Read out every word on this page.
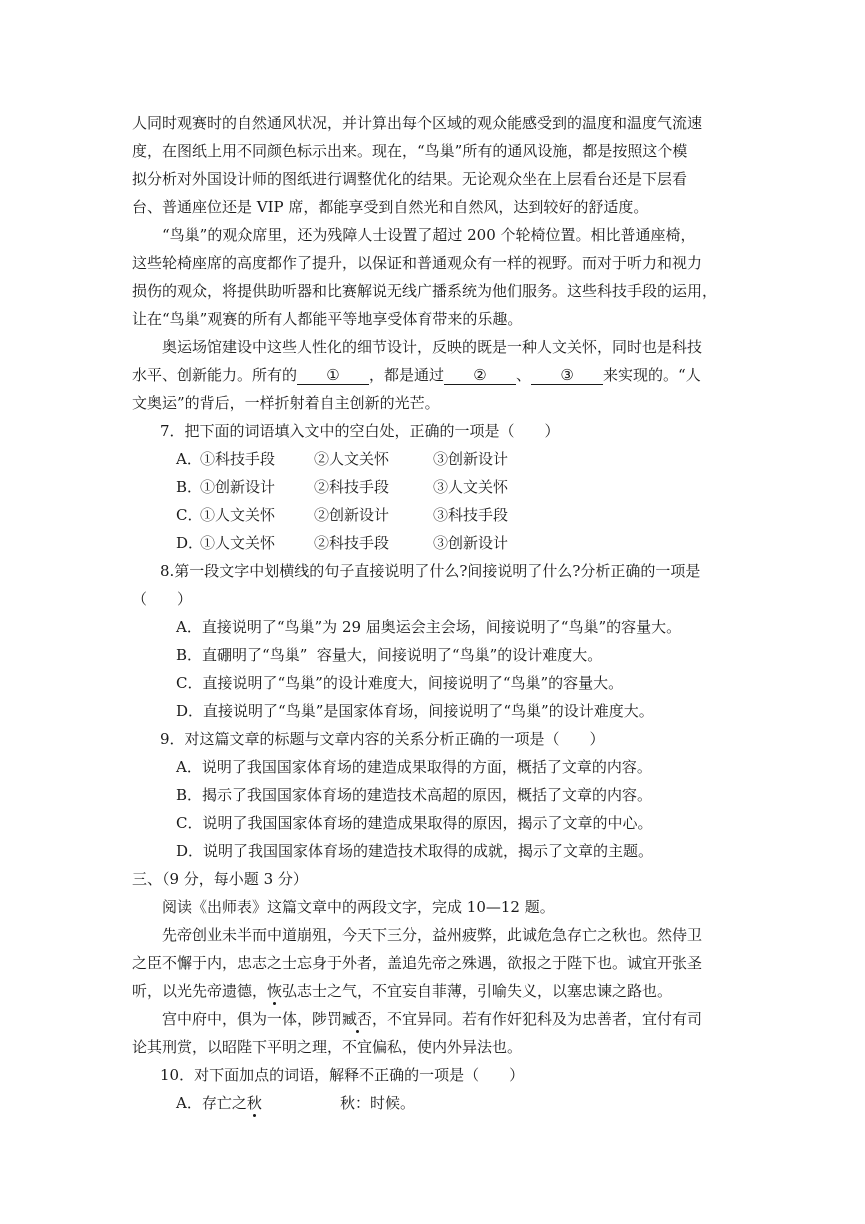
人同时观赛时的自然通风状况，并计算出每个区域的观众能感受到的温度和温度气流速
度，在图纸上用不同颜色标示出来。现在，“鸟巢”所有的通风设施，都是按照这个模
拟分析对外国设计师的图纸进行调整优化的结果。无论观众坐在上层看台还是下层看
台、普通座位还是 VIP 席，都能享受到自然光和自然风，达到较好的舒适度。
“鸟巢”的观众席里，还为残障人士设置了超过 200 个轮椅位置。相比普通座椅，
这些轮椅座席的高度都作了提升，以保证和普通观众有一样的视野。而对于听力和视力
损伤的观众，将提供助听器和比赛解说无线广播系统为他们服务。这些科技手段的运用，
让在“鸟巢”观赛的所有人都能平等地享受体育带来的乐趣。
奥运场馆建设中这些人性化的细节设计，反映的既是一种人文关怀，同时也是科技
水平、创新能力。所有的 ① ，都是通过 ② 、 ③ 来实现的。“人
文奥运”的背后，一样折射着自主创新的光芒。
7．把下面的词语填入文中的空白处，正确的一项是（　　）
A．
①科技手段	②人文关怀	③创新设计
B．
①创新设计	②科技手段	③人文关怀
C．
①人文关怀	②创新设计	③科技手段
D．
①人文关怀	②科技手段	③创新设计
8.第一段文字中划横线的句子直接说明了什么?间接说明了什么?分析正确的一项是
（　　）
A．直接说明了“鸟巢”为 29 届奥运会主会场，间接说明了“鸟巢”的容量大。
B．直硼明了“鸟巢”  容量大，间接说明了“鸟巢”的设计难度大。
C．直接说明了“鸟巢”的设计难度大，间接说明了“鸟巢”的容量大。
D．直接说明了“鸟巢”是国家体育场，间接说明了“鸟巢”的设计难度大。
9．对这篇文章的标题与文章内容的关系分析正确的一项是（　　）
A．说明了我国国家体育场的建造成果取得的方面，概括了文章的内容。
B．揭示了我国国家体育场的建造技术高超的原因，概括了文章的内容。
C．说明了我国国家体育场的建造成果取得的原因，揭示了文章的中心。
D．说明了我国国家体育场的建造技术取得的成就，揭示了文章的主题。
三、（9 分，每小题 3 分）
阅读《出师表》这篇文章中的两段文字，完成 10—12 题。
先帝创业未半而中道崩殂，今天下三分，益州疲弊，此诚危急存亡之秋也。然侍卫
之臣不懈于内，忠志之士忘身于外者，盖追先帝之殊遇，欲报之于陛下也。诚宜开张圣
听，以光先帝遗德，恢弘志士之气，不宜妄自菲薄，引喻失义，以塞忠谏之路也。
宫中府中，俱为一体，陟罚臧否，不宜异同。若有作奸犯科及为忠善者，宜付有司
论其刑赏，以昭陛下平明之理，不宜偏私，使内外异法也。
10．对下面加点的词语，解释不正确的一项是（　　）
A．存亡之秋	秋：时候。
